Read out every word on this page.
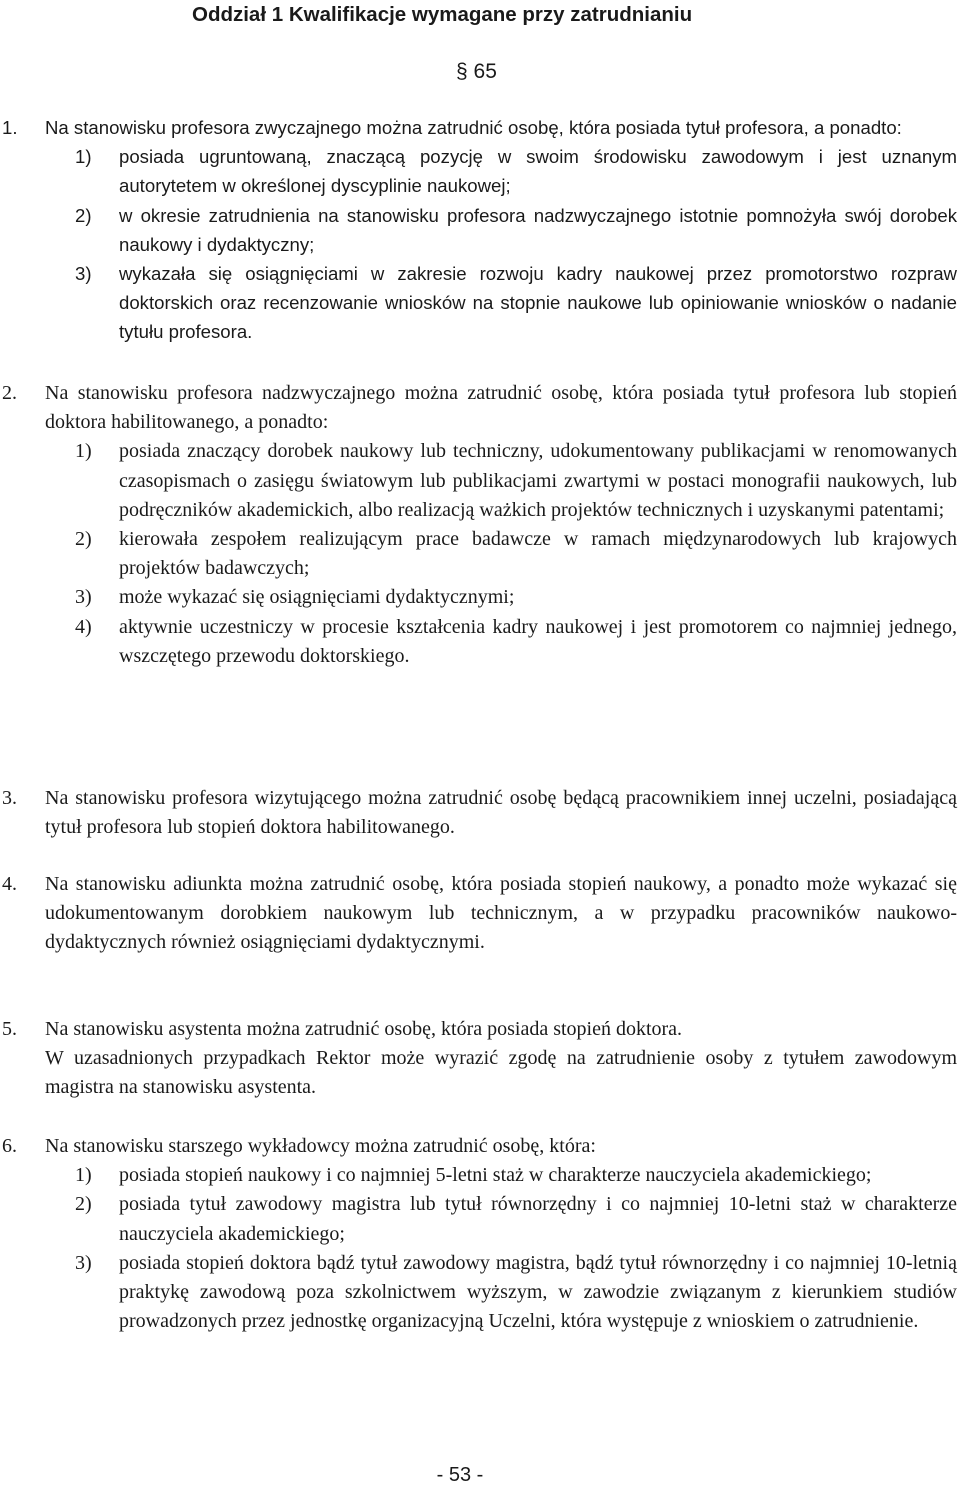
Oddział 1 Kwalifikacje wymagane przy zatrudnianiu
§ 65
1. Na stanowisku profesora zwyczajnego można zatrudnić osobę, która posiada tytuł profesora, a ponadto:
1) posiada ugruntowaną, znaczącą pozycję w swoim środowisku zawodowym i jest uznanym autorytetem w określonej dyscyplinie naukowej;
2) w okresie zatrudnienia na stanowisku profesora nadzwyczajnego istotnie pomnożyła swój dorobek naukowy i dydaktyczny;
3) wykazała się osiągnięciami w zakresie rozwoju kadry naukowej przez promotorstwo rozpraw doktorskich oraz recenzowanie wniosków na stopnie naukowe lub opiniowanie wniosków o nadanie tytułu profesora.
2. Na stanowisku profesora nadzwyczajnego można zatrudnić osobę, która posiada tytuł profesora lub stopień doktora habilitowanego, a ponadto:
1) posiada znaczący dorobek naukowy lub techniczny, udokumentowany publikacjami w renomowanych czasopismach o zasięgu światowym lub publikacjami zwartymi w postaci monografii naukowych, lub podręczników akademickich, albo realizacją ważkich projektów technicznych i uzyskanymi patentami;
2) kierowała zespołem realizującym prace badawcze w ramach międzynarodowych lub krajowych projektów badawczych;
3) może wykazać się osiągnięciami dydaktycznymi;
4) aktywnie uczestniczy w procesie kształcenia kadry naukowej i jest promotorem co najmniej jednego, wszczętego przewodu doktorskiego.
3. Na stanowisku profesora wizytującego można zatrudnić osobę będącą pracownikiem innej uczelni, posiadającą tytuł profesora lub stopień doktora habilitowanego.
4. Na stanowisku adiunkta można zatrudnić osobę, która posiada stopień naukowy, a ponadto może wykazać się udokumentowanym dorobkiem naukowym lub technicznym, a w przypadku pracowników naukowo-dydaktycznych również osiągnięciami dydaktycznymi.
5. Na stanowisku asystenta można zatrudnić osobę, która posiada stopień doktora.
W uzasadnionych przypadkach Rektor może wyrazić zgodę na zatrudnienie osoby z tytułem zawodowym magistra na stanowisku asystenta.
6. Na stanowisku starszego wykładowcy można zatrudnić osobę, która:
1) posiada stopień naukowy i co najmniej 5-letni staż w charakterze nauczyciela akademickiego;
2) posiada tytuł zawodowy magistra lub tytuł równorzędny i co najmniej 10-letni staż w charakterze nauczyciela akademickiego;
3) posiada stopień doktora bądź tytuł zawodowy magistra, bądź tytuł równorzędny i co najmniej 10-letnią praktykę zawodową poza szkolnictwem wyższym, w zawodzie związanym z kierunkiem studiów prowadzonych przez jednostkę organizacyjną Uczelni, która występuje z wnioskiem o zatrudnienie.
- 53 -
